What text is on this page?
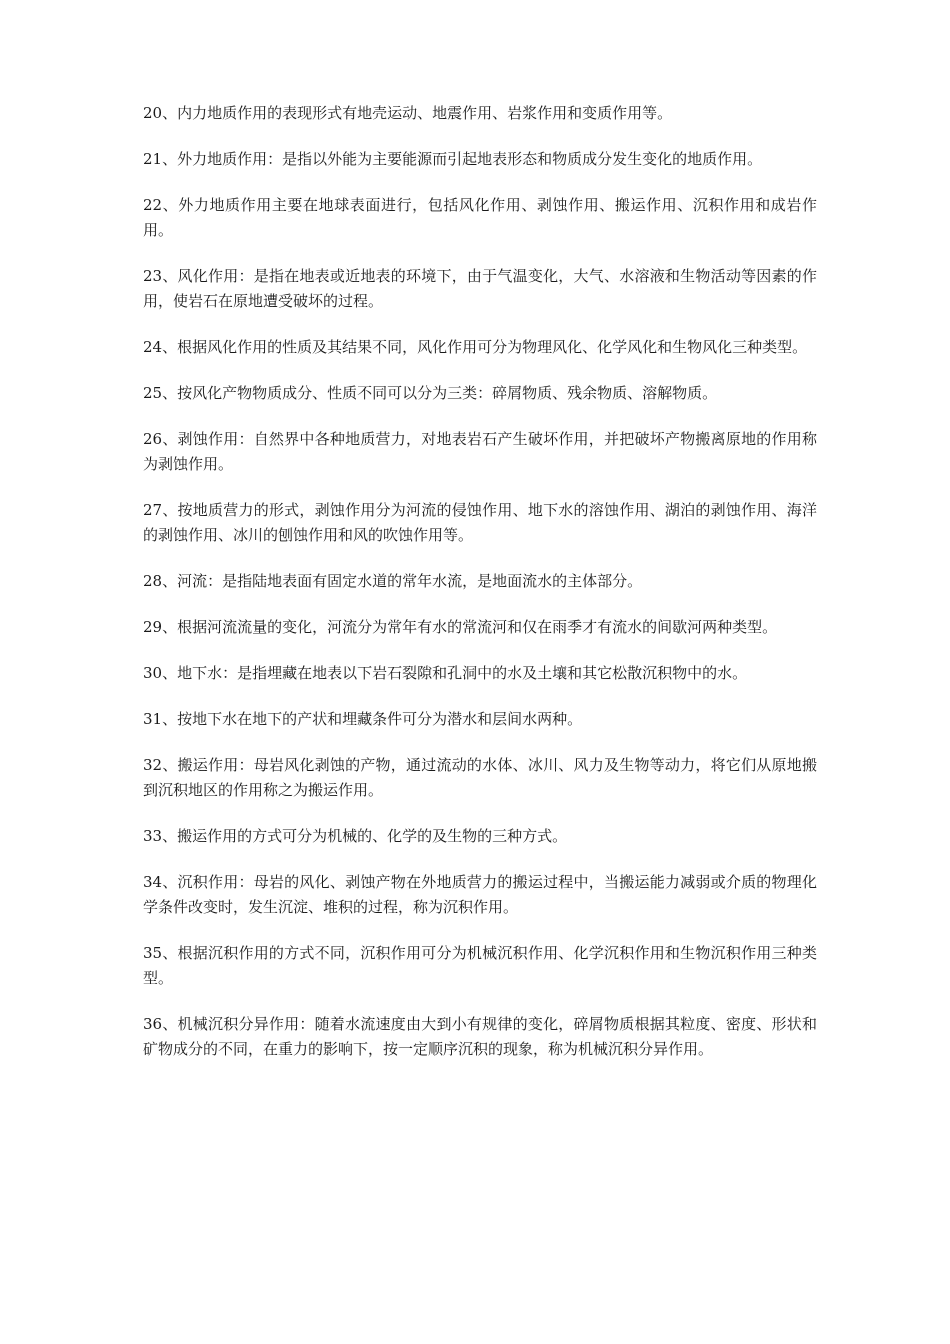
20、内力地质作用的表现形式有地壳运动、地震作用、岩浆作用和变质作用等。

21、外力地质作用：是指以外能为主要能源而引起地表形态和物质成分发生变化的地质作用。

22、外力地质作用主要在地球表面进行，包括风化作用、剥蚀作用、搬运作用、沉积作用和成岩作用。

23、风化作用：是指在地表或近地表的环境下，由于气温变化，大气、水溶液和生物活动等因素的作用，使岩石在原地遭受破坏的过程。

24、根据风化作用的性质及其结果不同，风化作用可分为物理风化、化学风化和生物风化三种类型。

25、按风化产物物质成分、性质不同可以分为三类：碎屑物质、残余物质、溶解物质。

26、剥蚀作用：自然界中各种地质营力，对地表岩石产生破坏作用，并把破坏产物搬离原地的作用称为剥蚀作用。

27、按地质营力的形式，剥蚀作用分为河流的侵蚀作用、地下水的溶蚀作用、湖泊的剥蚀作用、海洋的剥蚀作用、冰川的刨蚀作用和风的吹蚀作用等。

28、河流：是指陆地表面有固定水道的常年水流，是地面流水的主体部分。

29、根据河流流量的变化，河流分为常年有水的常流河和仅在雨季才有流水的间歇河两种类型。

30、地下水：是指埋藏在地表以下岩石裂隙和孔洞中的水及土壤和其它松散沉积物中的水。

31、按地下水在地下的产状和埋藏条件可分为潜水和层间水两种。

32、搬运作用：母岩风化剥蚀的产物，通过流动的水体、冰川、风力及生物等动力，将它们从原地搬到沉积地区的作用称之为搬运作用。

33、搬运作用的方式可分为机械的、化学的及生物的三种方式。

34、沉积作用：母岩的风化、剥蚀产物在外地质营力的搬运过程中，当搬运能力减弱或介质的物理化学条件改变时，发生沉淀、堆积的过程，称为沉积作用。

35、根据沉积作用的方式不同，沉积作用可分为机械沉积作用、化学沉积作用和生物沉积作用三种类型。

36、机械沉积分异作用：随着水流速度由大到小有规律的变化，碎屑物质根据其粒度、密度、形状和矿物成分的不同，在重力的影响下，按一定顺序沉积的现象，称为机械沉积分异作用。
